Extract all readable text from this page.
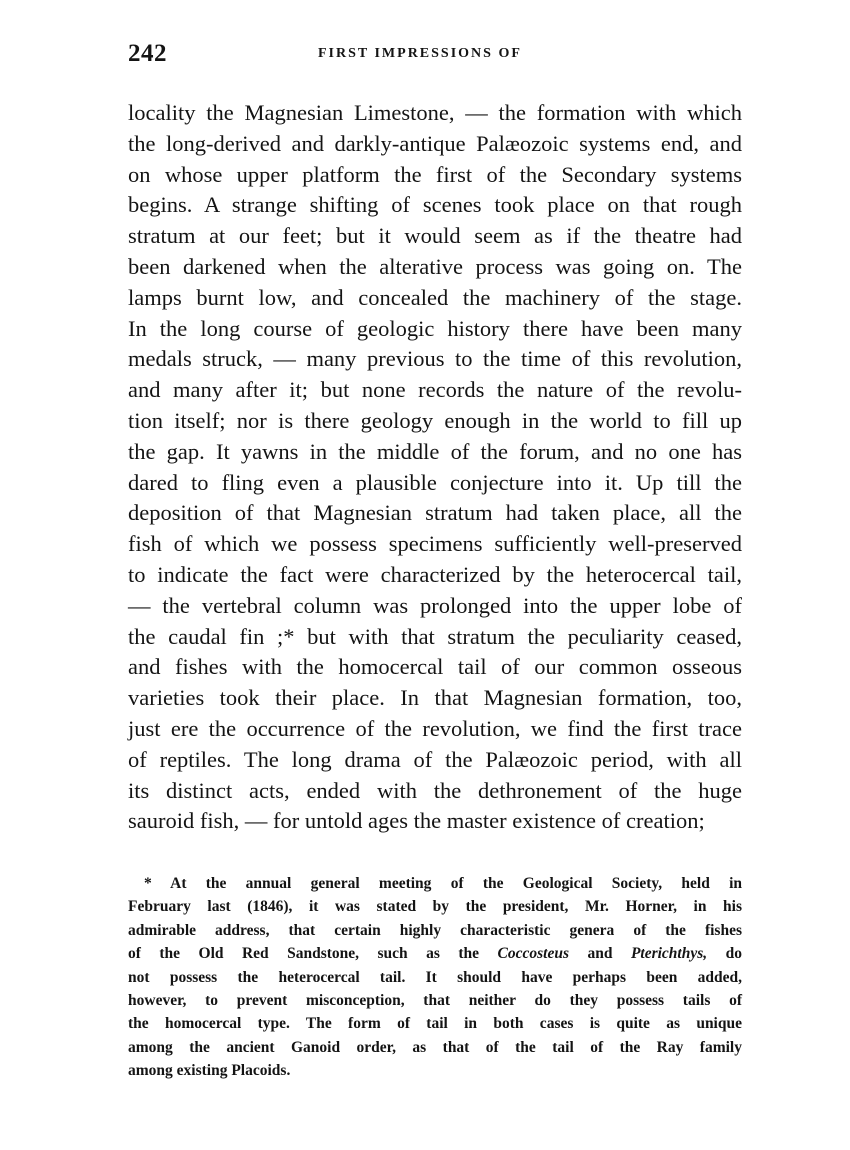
242	FIRST IMPRESSIONS OF
locality the Magnesian Limestone, — the formation with which
the long-derived and darkly-antique Palæozoic systems end, and
on whose upper platform the first of the Secondary systems
begins. A strange shifting of scenes took place on that rough
stratum at our feet; but it would seem as if the theatre had
been darkened when the alterative process was going on. The
lamps burnt low, and concealed the machinery of the stage.
In the long course of geologic history there have been many
medals struck, — many previous to the time of this revolution,
and many after it; but none records the nature of the revolu-
tion itself; nor is there geology enough in the world to fill up
the gap. It yawns in the middle of the forum, and no one has
dared to fling even a plausible conjecture into it. Up till the
deposition of that Magnesian stratum had taken place, all the
fish of which we possess specimens sufficiently well-preserved
to indicate the fact were characterized by the heterocercal tail,
— the vertebral column was prolonged into the upper lobe of
the caudal fin ;* but with that stratum the peculiarity ceased,
and fishes with the homocercal tail of our common osseous
varieties took their place. In that Magnesian formation, too,
just ere the occurrence of the revolution, we find the first trace
of reptiles. The long drama of the Palæozoic period, with all
its distinct acts, ended with the dethronement of the huge
sauroid fish, — for untold ages the master existence of creation;
* At the annual general meeting of the Geological Society, held in
February last (1846), it was stated by the president, Mr. Horner, in his
admirable address, that certain highly characteristic genera of the fishes
of the Old Red Sandstone, such as the Coccosteus and Pterichthys, do
not possess the heterocercal tail. It should have perhaps been added,
however, to prevent misconception, that neither do they possess tails of
the homocercal type. The form of tail in both cases is quite as unique
among the ancient Ganoid order, as that of the tail of the Ray family
among existing Placoids.
